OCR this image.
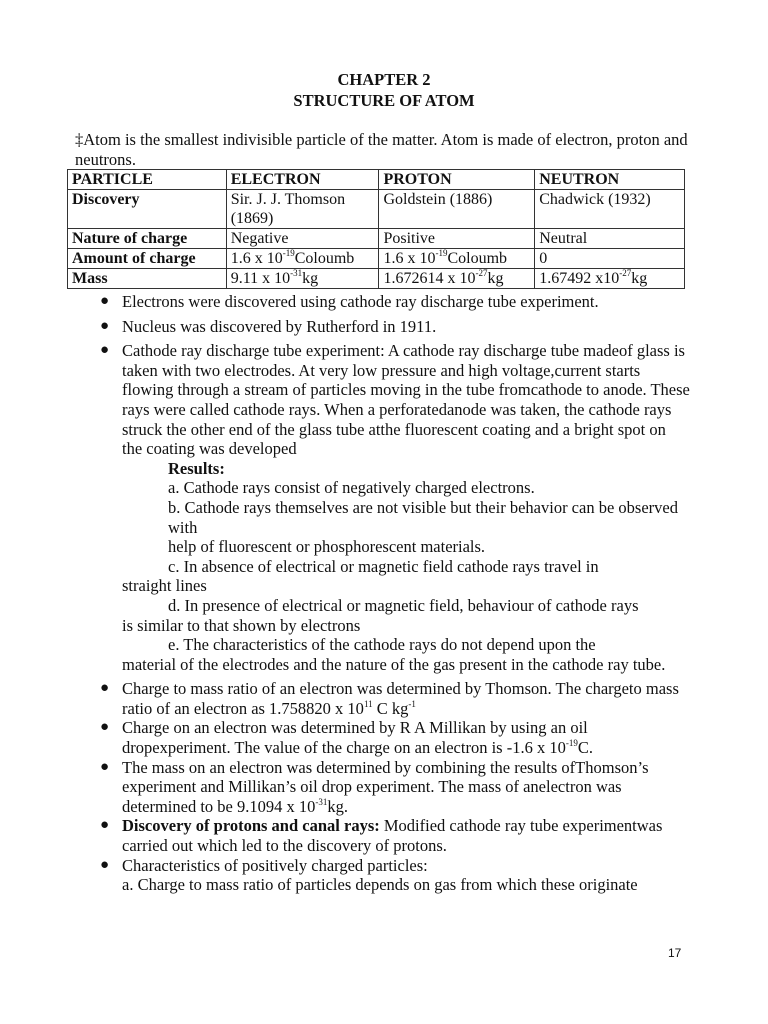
CHAPTER 2
STRUCTURE OF ATOM
‡Atom is the smallest indivisible particle of the matter. Atom is made of electron, proton and neutrons.
PARTICLE	ELECTRON	PROTON	NEUTRON
Discovery	Sir. J. J. Thomson (1869)	Goldstein (1886)	Chadwick (1932)
Nature of charge	Negative	Positive	Neutral
Amount of charge	1.6 x $10^{-19}Coloumb$	1.6 x $10^{-19}Coloumb$	0
Mass	9.11 x $10^{-31}kg$	1.672614 x $10^{-27}kg$	1.67492 $x10^{-27}kg$
● Electrons were discovered using cathode ray discharge tube experiment.
● Nucleus was discovered by Rutherford in 1911.
● Cathode ray discharge tube experiment: A cathode ray discharge tube madeof glass is taken with two electrodes. At very low pressure and high voltage,current starts flowing through a stream of particles moving in the tube fromcathode to anode. These rays were called cathode rays. When a perforatedanode was taken, the cathode rays struck the other end of the glass tube atthe fluorescent coating and a bright spot on the coating was developed
Results:
a. Cathode rays consist of negatively charged electrons.
b. Cathode rays themselves are not visible but their behavior can be observed with
help of fluorescent or phosphorescent materials.
c. In absence of electrical or magnetic field cathode rays travel in
straight lines
d. In presence of electrical or magnetic field, behaviour of cathode rays
is similar to that shown by electrons
e. The characteristics of the cathode rays do not depend upon the
material of the electrodes and the nature of the gas present in the cathode ray tube.
● Charge to mass ratio of an electron was determined by Thomson. The chargeto mass ratio of an electron as 1.758820 x $10^{11}$ C $kg^{-1}$
● Charge on an electron was determined by R A Millikan by using an oil dropexperiment. The value of the charge on an electron is -1.6 x $10^{-19}C$.
● The mass on an electron was determined by combining the results ofThomson’s experiment and Millikan’s oil drop experiment. The mass of anelectron was determined to be 9.1094 x $10^{-31}kg$.
● Discovery of protons and canal rays: Modified cathode ray tube experimentwas carried out which led to the discovery of protons.
● Characteristics of positively charged particles:
a. Charge to mass ratio of particles depends on gas from which these originate
17
